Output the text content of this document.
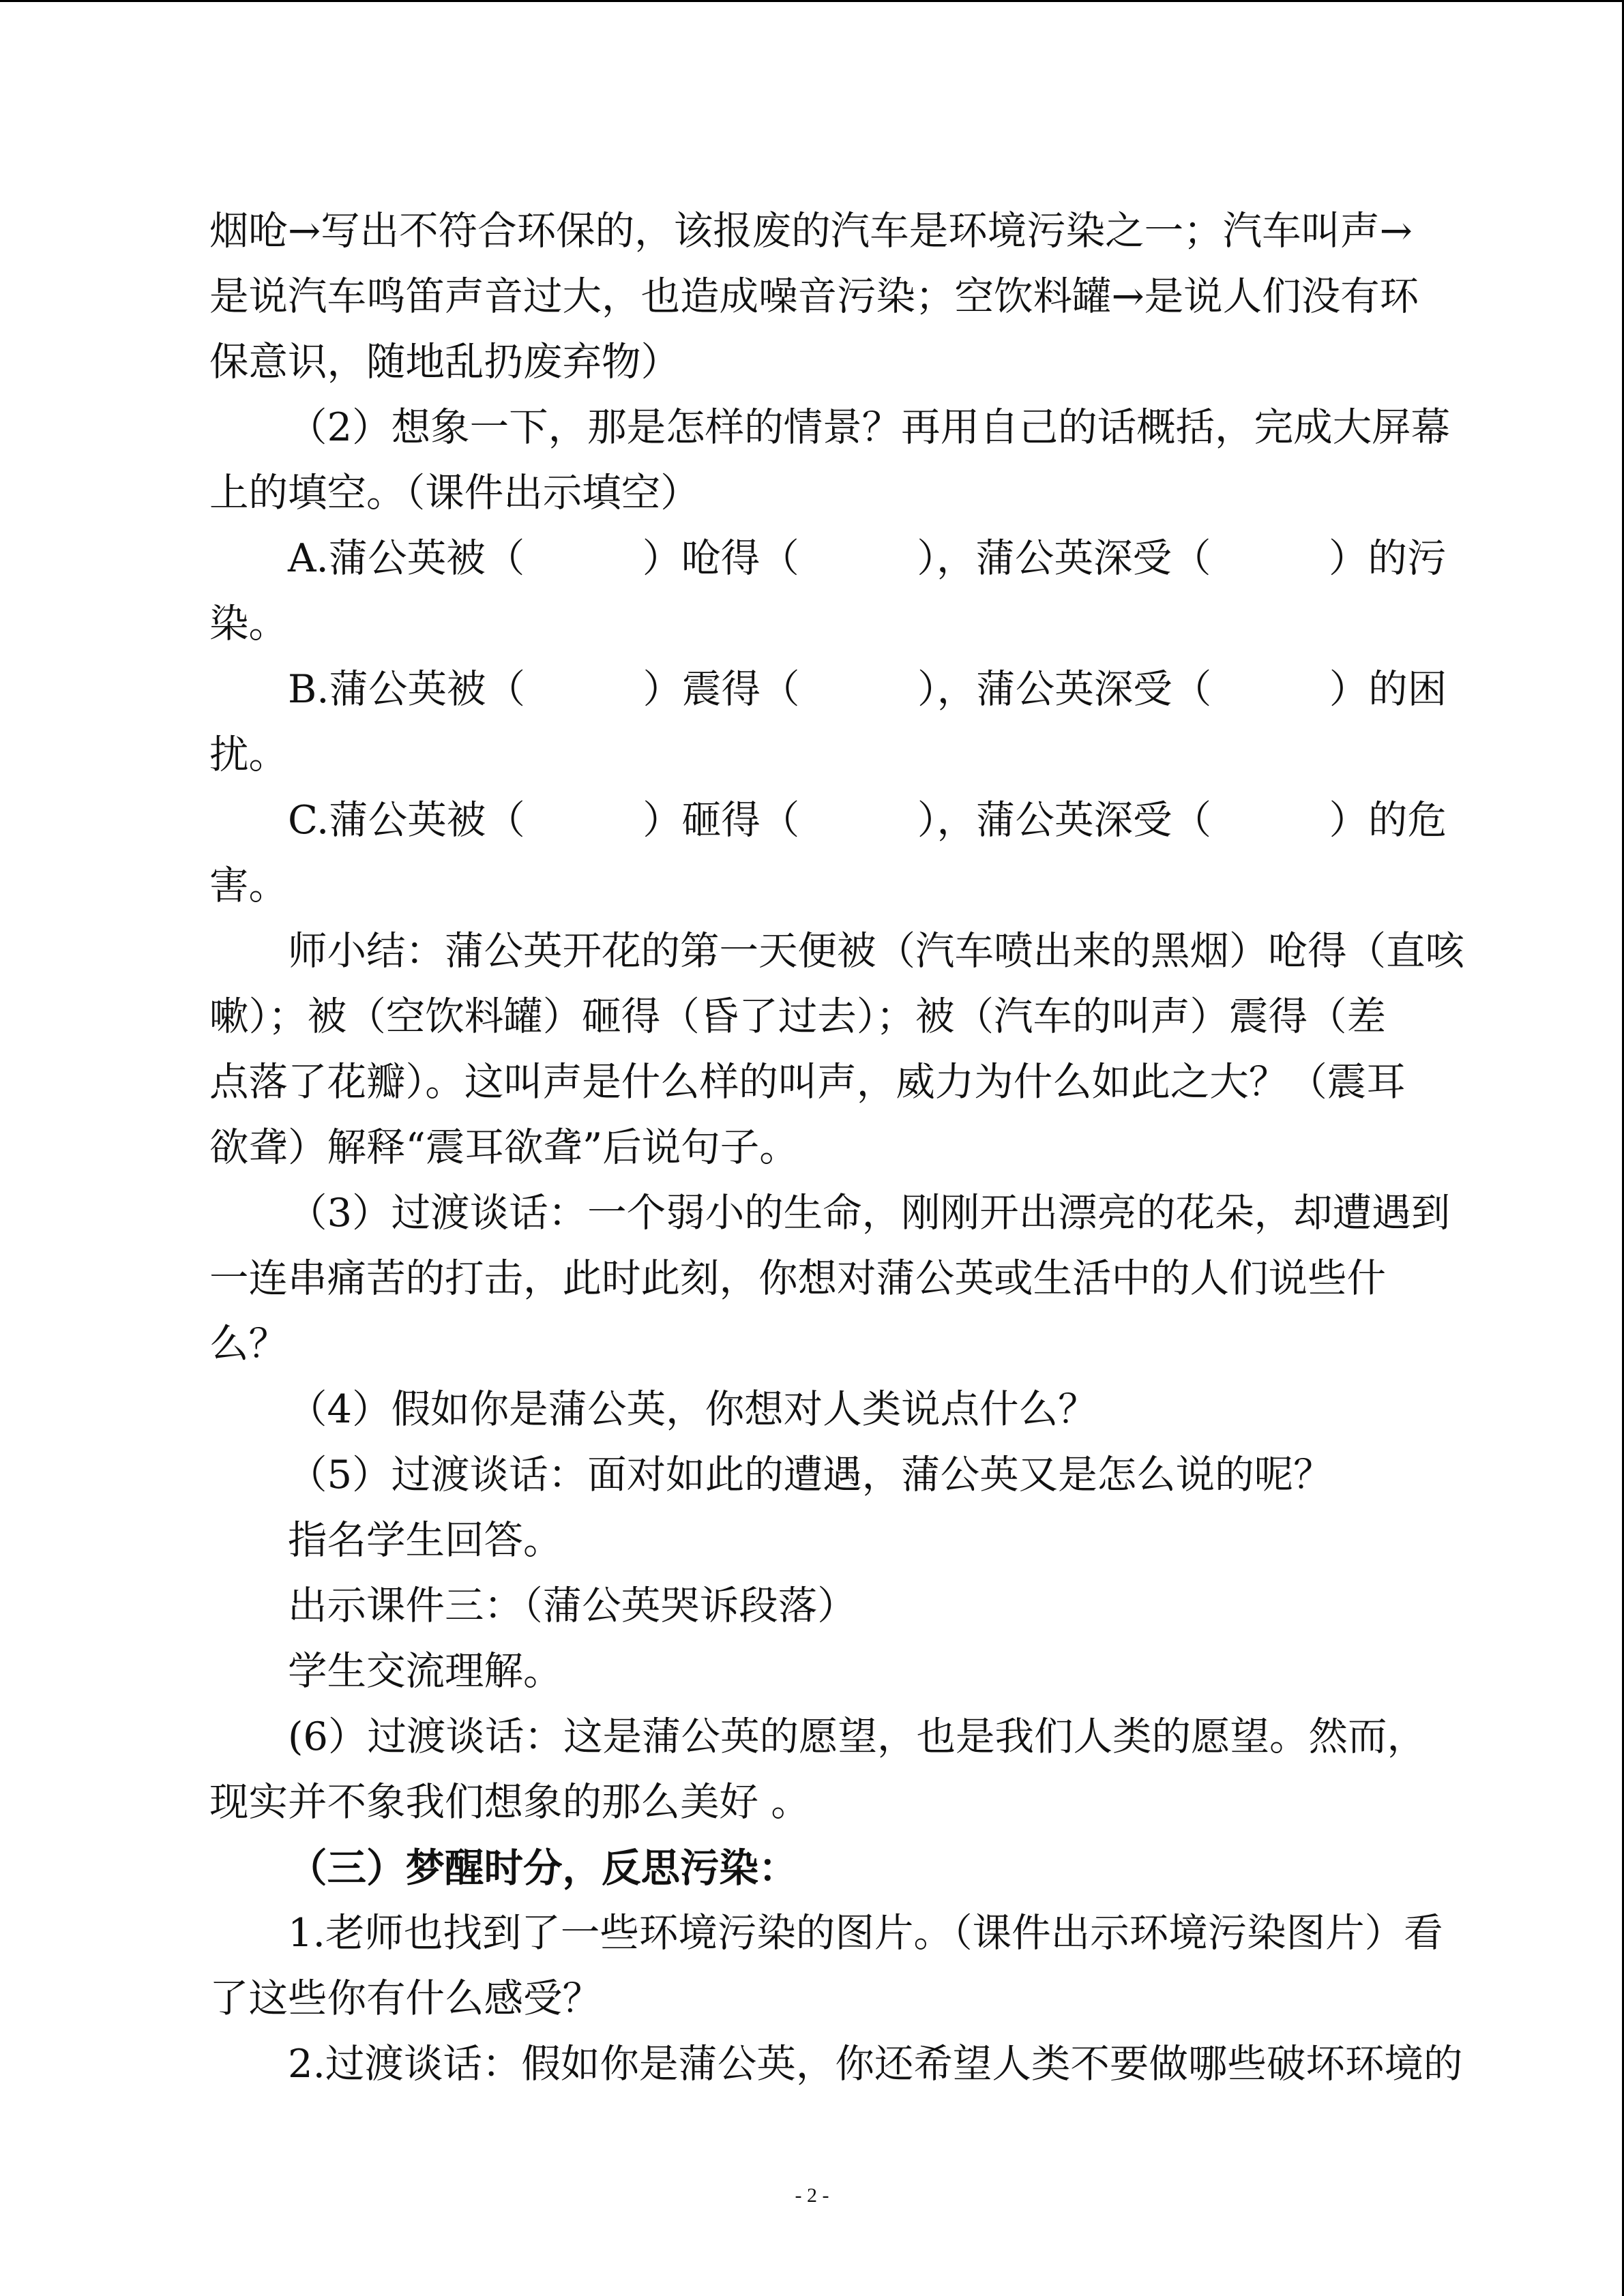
烟呛→写出不符合环保的，该报废的汽车是环境污染之一；汽车叫声→
是说汽车鸣笛声音过大，也造成噪音污染；空饮料罐→是说人们没有环
保意识，随地乱扔废弃物）
（2）想象一下，那是怎样的情景？再用自己的话概括，完成大屏幕
上的填空。（课件出示填空）
A.蒲公英被（　　　）呛得（　　　），蒲公英深受（　　　）的污
染。
B.蒲公英被（　　　）震得（　　　），蒲公英深受（　　　）的困
扰。
C.蒲公英被（　　　）砸得（　　　），蒲公英深受（　　　）的危
害。
师小结：蒲公英开花的第一天便被（汽车喷出来的黑烟）呛得（直咳
嗽）；被（空饮料罐）砸得（昏了过去）；被（汽车的叫声）震得（差
点落了花瓣）。这叫声是什么样的叫声，威力为什么如此之大？（震耳
欲聋）解释“震耳欲聋”后说句子。
（3）过渡谈话：一个弱小的生命，刚刚开出漂亮的花朵，却遭遇到
一连串痛苦的打击，此时此刻，你想对蒲公英或生活中的人们说些什
么？
（4）假如你是蒲公英，你想对人类说点什么？
（5）过渡谈话：面对如此的遭遇，蒲公英又是怎么说的呢？
指名学生回答。
出示课件三：（蒲公英哭诉段落）
学生交流理解。
(6）过渡谈话：这是蒲公英的愿望，也是我们人类的愿望。然而，
现实并不象我们想象的那么美好 。
（三）梦醒时分，反思污染：
1.老师也找到了一些环境污染的图片。（课件出示环境污染图片）看
了这些你有什么感受？
2.过渡谈话：假如你是蒲公英，你还希望人类不要做哪些破坏环境的
- 2 -
